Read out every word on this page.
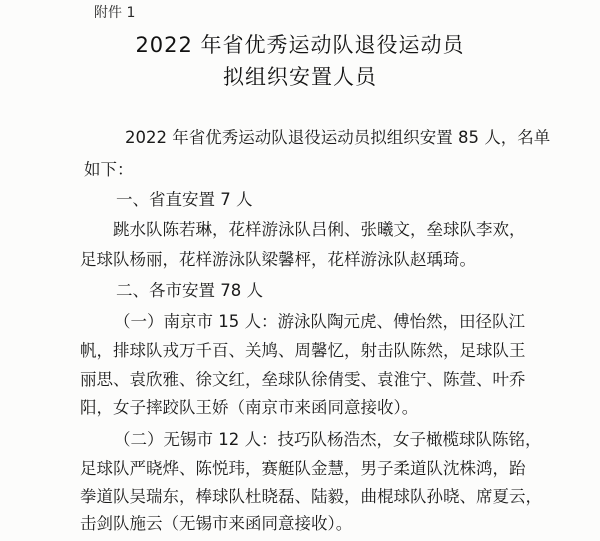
附件 1
2022 年省优秀运动队退役运动员
拟组织安置人员
2022 年省优秀运动队退役运动员拟组织安置 85 人，名单
如下：
一、省直安置 7 人
跳水队陈若琳，花样游泳队吕俐、张曦文，垒球队李欢，
足球队杨丽，花样游泳队梁馨枰，花样游泳队赵瑀琦。
二、各市安置 78 人
（一）南京市 15 人：游泳队陶元虎、傅怡然，田径队江
帆，排球队戎万千百、关鸠、周馨忆，射击队陈然，足球队王
丽思、袁欣雅、徐文红，垒球队徐倩雯、袁淮宁、陈萱、叶乔
阳，女子摔跤队王娇（南京市来函同意接收）。
（二）无锡市 12 人：技巧队杨浩杰，女子橄榄球队陈铭，
足球队严晓烨、陈悦玮，赛艇队金慧，男子柔道队沈株鸿，跆
拳道队吴瑞东，棒球队杜晓磊、陆毅，曲棍球队孙晓、席夏云，
击剑队施云（无锡市来函同意接收）。
